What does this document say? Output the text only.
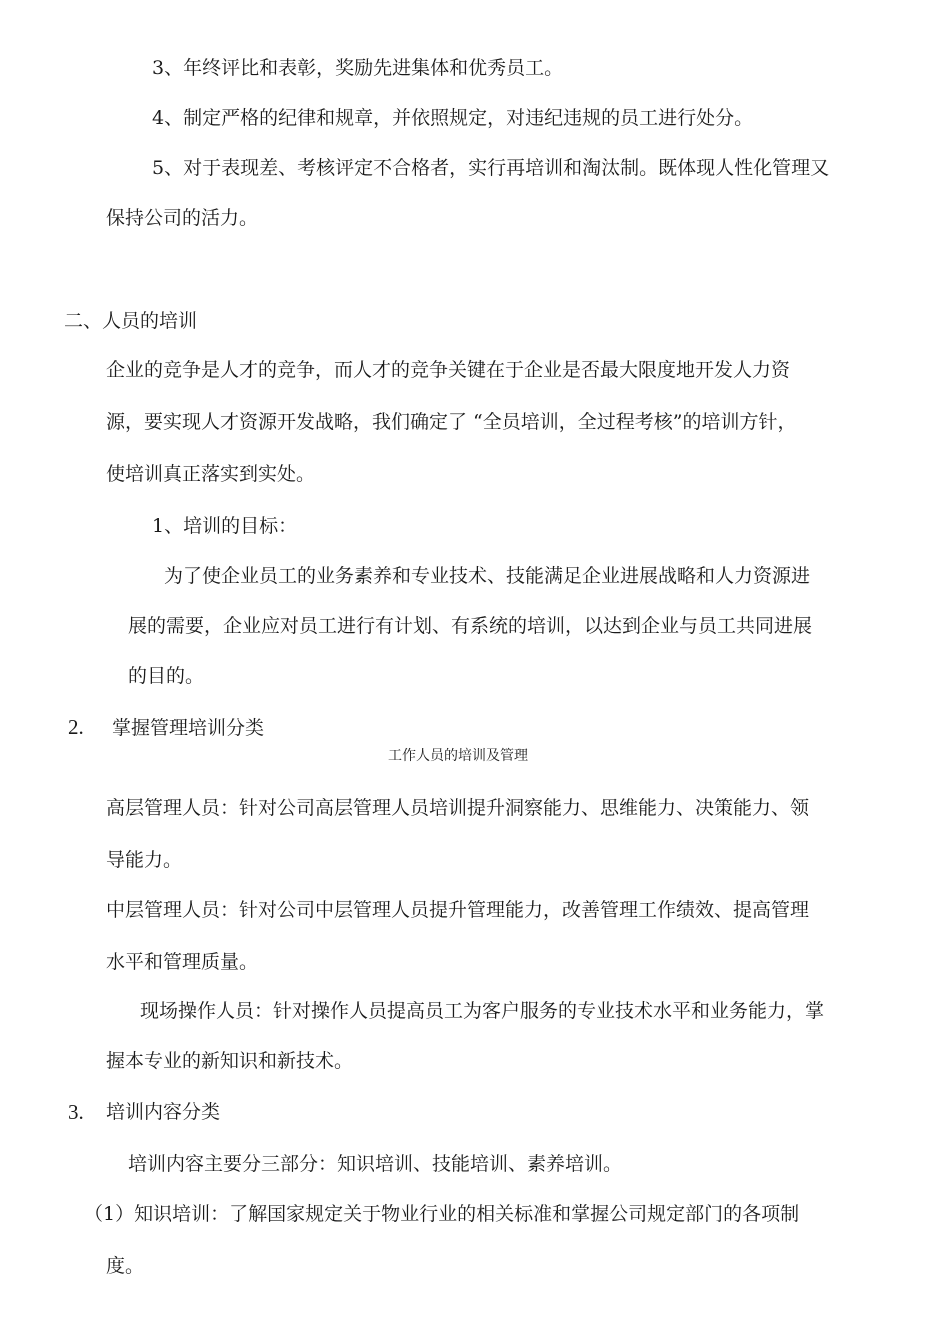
3、年终评比和表彰，奖励先进集体和优秀员工。
4、制定严格的纪律和规章，并依照规定，对违纪违规的员工进行处分。
5、对于表现差、考核评定不合格者，实行再培训和淘汰制。既体现人性化管理又
保持公司的活力。
二、人员的培训
企业的竞争是人才的竞争，而人才的竞争关键在于企业是否最大限度地开发人力资
源，要实现人才资源开发战略，我们确定了 “全员培训，全过程考核”的培训方针，
使培训真正落实到实处。
1、培训的目标：
为了使企业员工的业务素养和专业技术、技能满足企业进展战略和人力资源进
展的需要，企业应对员工进行有计划、有系统的培训，以达到企业与员工共同进展
的目的。
2. 掌握管理培训分类
工作人员的培训及管理
高层管理人员：针对公司高层管理人员培训提升洞察能力、思维能力、决策能力、领
导能力。
中层管理人员：针对公司中层管理人员提升管理能力，改善管理工作绩效、提高管理
水平和管理质量。
现场操作人员：针对操作人员提高员工为客户服务的专业技术水平和业务能力，掌
握本专业的新知识和新技术。
3. 培训内容分类
培训内容主要分三部分：知识培训、技能培训、素养培训。
（1）知识培训：了解国家规定关于物业行业的相关标准和掌握公司规定部门的各项制
度。
